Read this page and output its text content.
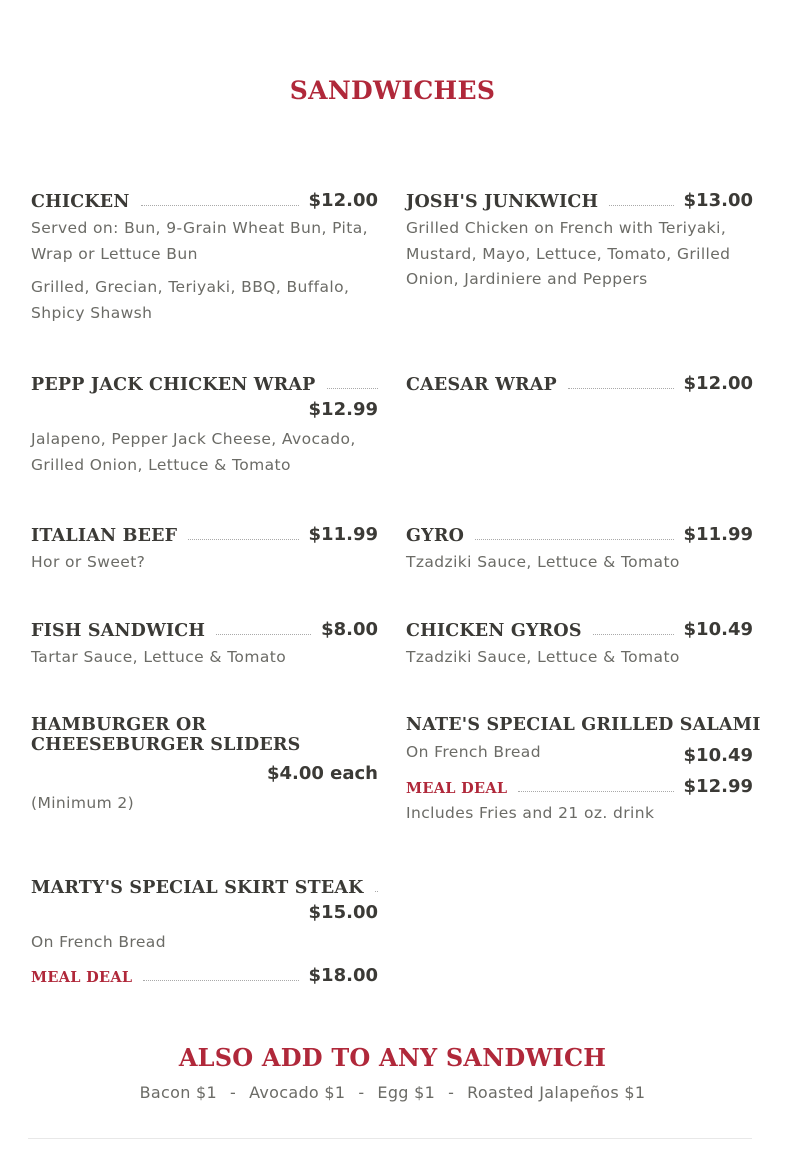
SANDWICHES
CHICKEN	$12.00

Served on: Bun, 9-Grain Wheat Bun, Pita, Wrap or Lettuce Bun

Grilled, Grecian, Teriyaki, BBQ, Buffalo, Shpicy Shawsh

JOSH'S JUNKWICH	$13.00

Grilled Chicken on French with Teriyaki, Mustard, Mayo, Lettuce, Tomato, Grilled Onion, Jardiniere and Peppers

PEPP JACK CHICKEN WRAP
$12.99

Jalapeno, Pepper Jack Cheese, Avocado, Grilled Onion, Lettuce & Tomato

CAESAR WRAP	$12.00
ITALIAN BEEF	$11.99

Hor or Sweet?

GYRO	$11.99

Tzadziki Sauce, Lettuce & Tomato

FISH SANDWICH	$8.00

Tartar Sauce, Lettuce & Tomato

CHICKEN GYROS	$10.49

Tzadziki Sauce, Lettuce & Tomato

HAMBURGER OR CHEESEBURGER SLIDERS
$4.00 each

(Minimum 2)

NATE'S SPECIAL GRILLED SALAMI
On French Bread	$10.49
MEAL DEAL	$12.99

Includes Fries and 21 oz. drink

MARTY'S SPECIAL SKIRT STEAK
$15.00

On French Bread

MEAL DEAL	$18.00
ALSO ADD TO ANY SANDWICH
Bacon $1 - Avocado $1 - Egg $1 - Roasted Jalapeños $1
